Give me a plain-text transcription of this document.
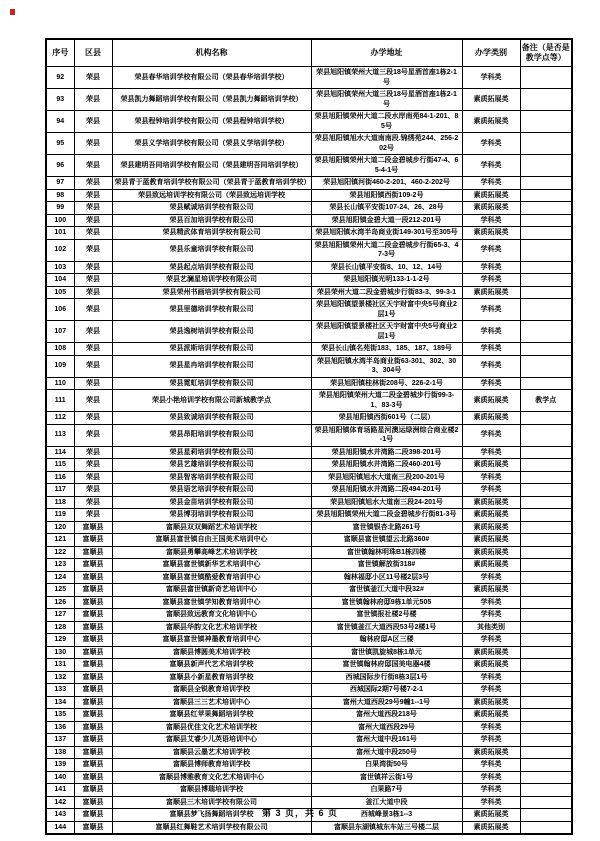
序号	区县	机构名称	办学地址	办学类别	备注（是否是教学点等）
92	荣县	荣县春华培训学校有限公司（荣县春华培训学校）	荣县旭阳镇荣州大道三段18号星酒首座1栋2-1号	学科类	
93	荣县	荣县凯力舞蹈培训学校有限公司（荣县凯力舞蹈培训学校）	荣县旭阳镇荣州大道三段18号星酒首座1栋2-1号	素质拓展类	
94	荣县	荣县程钟培训学校有限公司（荣县程钟培训学校）	荣县旭阳镇荣州大道二段水岸南苑84-1-201、85号	素质拓展类	
95	荣县	荣县义学培训学校有限公司（荣县义学培训学校）	荣县旭阳镇旭水大道南南段.锦绣苑244、256-202号	学科类	
96	荣县	荣县建明吾同培训学校有限公司（荣县建明吾同培训学校）	荣县旭阳镇荣州大道二段金碧城步行街47-4、65-4-1号	学科类	
97	荣县	荣县青于蓝教育培训学校有限公司（荣县青于蓝教育培训学校）	荣县旭阳镇河街460-2-201、460-2-202号	学科类	
98	荣县	荣县致远培训学校有限公司（荣县致远培训学校	荣县旭阳镇西街109-2号	素质拓展类	
99	荣县	荣县赋诚培训学校有限公司	荣县长山镇平安街107-24、26、28号	素质拓展类	
100	荣县	荣县百加培训学校有限公司	荣县旭阳镇金碧大道一段212-201号	学科类	
101	荣县	荣县精武体育培训学校有限公司	荣县旭阳镇水湾半岛商业街149-301号至305号	素质拓展类	
102	荣县	荣县乐童培训学校有限公司	荣县旭阳镇荣州大道二段金碧城步行街65-3、47-3号	学科类	
103	荣县	荣县起点培训学校有限公司	荣县长山镇平安街8、10、12、14号	学科类	
104	荣县	荣县艺澜星培训学校有限公司	荣县旭阳镇光明133-1-1-2号	学科类	
105	荣县	荣县荣州书画培训学校有限公司	荣县荣州大道二段金碧城步行街83-3、99-3-1	素质拓展类	
106	荣县	荣县里德培训学校有限公司	荣县旭阳镇望景楼社区天宇财富中央5号商业2层1号	学科类	
107	荣县	荣县逸树培训学校有限公司	荣县旭阳镇望景楼社区天宇财富中央5号商业2层1号	学科类	
108	荣县	荣县派斯培训学校有限公司	荣县长山镇名苑街183、185、187、189号	学科类	
109	荣县	荣县星冉培训学校有限公司	荣县旭阳镇水湾半岛商业街63-301、302、303、304号	学科类	
110	荣县	荣县霓虹培训学校有限公司	荣县旭阳镇桂林街208号、226-2-1号	学科类	
111	荣县	荣县小艳培训学校有限公司新城教学点	荣县旭阳镇荣州大道二段金碧城步行街99-3-1、83-3号	素质拓展类	教学点
112	荣县	荣县致诚培训学校有限公司	荣县旭阳镇西街601号（二层）	素质拓展类	
113	荣县	荣县昂阳培训学校有限公司	荣县旭阳镇体育场路星河澳运绿洲综合商业楼2-1号	学科类	
114	荣县	荣县星莉培训学校有限公司	荣县旭阳镇水井湾路二段398-201号	学科类	
115	荣县	荣县艺雄培训学校有限公司	荣县旭阳镇水井湾路二段460-201号	素质拓展类	
116	荣县	荣县智客培训学校有限公司	荣县旭阳镇旭水大道南三段200-201号	学科类	
117	荣县	荣县语艺培训学校有限公司	荣县旭阳镇水井湾路二段494-201号	学科类	
118	荣县	荣县金苗培训学校有限公司	荣县旭阳镇旭水大道南三段24-201号	素质拓展类	
119	荣县	荣县博羽培训学校有限公司	荣县旭阳镇荣州大道二段金碧城步行街81-3号	素质拓展类	
120	富顺县	富顺县双双舞蹈艺术培训学校	富世镇银杏北路261号	素质拓展类	
121	富顺县	富顺县富世镇自由王国美术培训中心	富顺县富世镇望云北路360#	素质拓展类	
122	富顺县	富顺县勇攀高峰艺术培训学校	富世镇翰林明珠B1栋四楼	素质拓展类	
123	富顺县	富顺县富世镇新华艺术培训中心	富世镇解放街318#	素质拓展类	
124	富顺县	富顺县富世镇酷爱教育培训中心	翰林福邸小区11号楼2层3号	学科类	
125	富顺县	富顺县富世镇新奇艺培训中心	富世镇釜江大道中段32#	素质拓展类	
126	富顺县	富顺县富世镇学知教育培训中心	富世镇翰林府邸9栋1单元505	学科类	
127	富顺县	富顺县致远教育文化培训中心	富世镇报社楼2号楼	学科类	
128	富顺县	富顺县华韵文化艺术培训学校	富世镇釜江大道西段53号2楼1号	其他类别	
129	富顺县	富顺县富世镇神墨教育培训中心	翰林府邸A区三楼	学科类	
130	富顺县	富顺县博圆美术培训学校	富世镇凯旋城8栋1单元	素质拓展类	
131	富顺县	富顺县新声代艺术培训学校	富世镇翰林府邸国美电器4楼	素质拓展类	
132	富顺县	富顺县小新星教育培训学校	西城国际步行街8栋3层1号	学科类	
133	富顺县	富顺县全锐教育培训学校	西城国际2期7号楼7-2-1	学科类	
134	富顺县	富顺县三三艺术培训中心	富州大道西段29号9幢1--1号	素质拓展类	
135	富顺县	富顺县红苹果舞蹈培训学校	富州大道西段218号	素质拓展类	
136	富顺县	富顺县优佳文化艺术培训学校	富州大道西段29号	学科类	
137	富顺县	富顺县艾睿少儿英语培训中心	富州大道中段161号	学科类	
138	富顺县	富顺县云墨艺术培训学校	富州大道中段250号	素质拓展类	
139	富顺县	富顺县博师教育培训学校	白果湾街50号	学科类	
140	富顺县	富顺县博雅教育文化艺术培训中心	富世镇祥云街1号	学科类	
141	富顺县	富顺县博瑞培训学校	白果路7号	学科类	
142	富顺县	富顺县三木培训学校有限公司	釜江大道中段	学科类	
143	富顺县	富顺县梦飞扬舞蹈培训学校	西城峰景3栋1--3	素质拓展类	
144	富顺县	富顺县红舞鞋艺术培训学校有限公司	富顺县东湖镇城东车站三号楼二层	素质拓展类	
第 3 页，共 6 页
